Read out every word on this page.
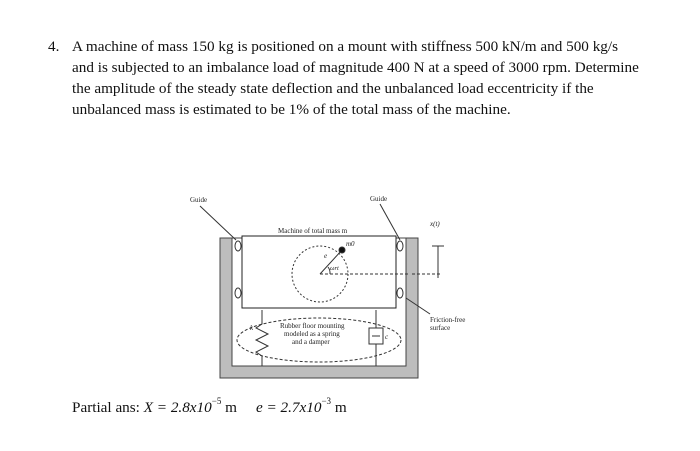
4. A machine of mass 150 kg is positioned on a mount with stiffness 500 kN/m and 500 kg/s and is subjected to an imbalance load of magnitude 400 N at a speed of 3000 rpm. Determine the amplitude of the steady state deflection and the unbalanced load eccentricity if the unbalanced mass is estimated to be 1% of the total mass of the machine.
Guide	Guide
Machine of total mass m
m0
e
ωrt
x(t)
Friction-free
surface
k
c
Rubber floor mounting
modeled as a spring
and a damper
Partial ans: $X = 2.8x10^{-5}$ m $e = 2.7x10^{-3}$ m
